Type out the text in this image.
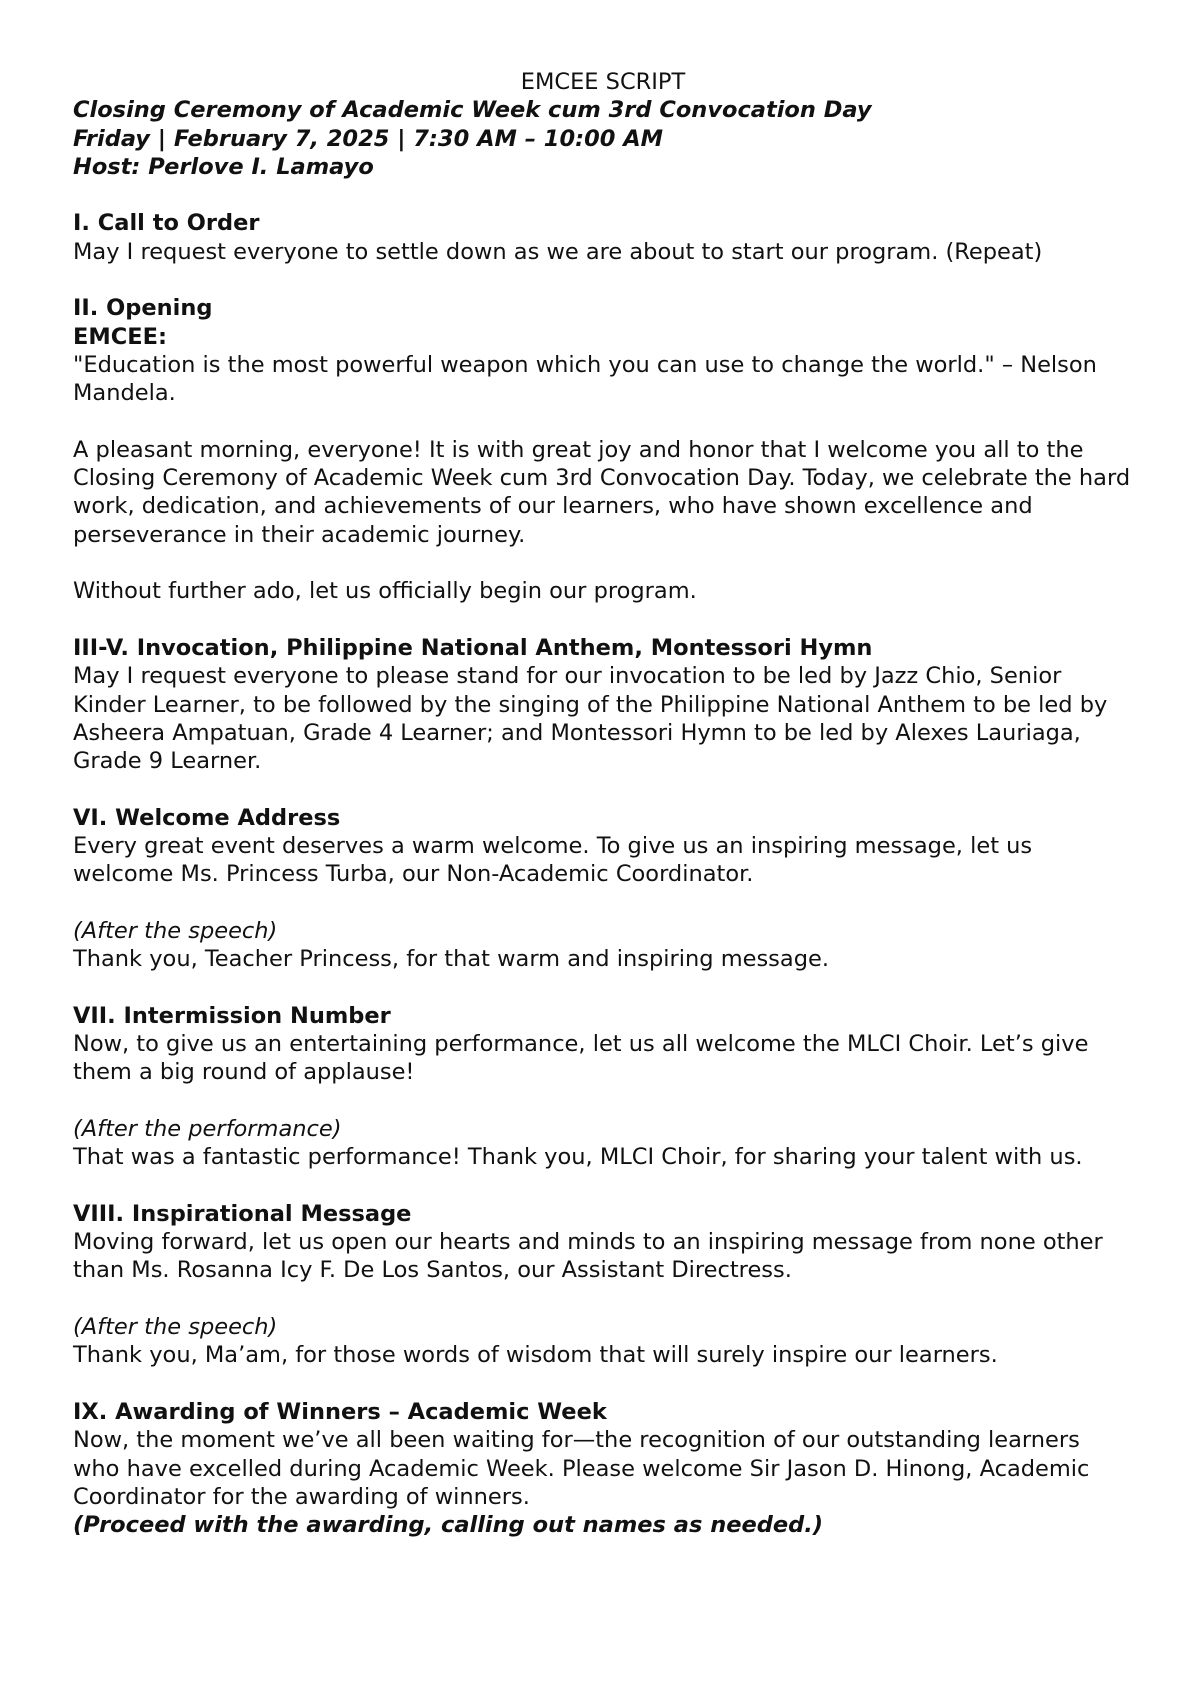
EMCEE SCRIPT

Closing Ceremony of Academic Week cum 3rd Convocation Day

Friday | February 7, 2025 | 7:30 AM – 10:00 AM

Host: Perlove I. Lamayo

I. Call to Order

May I request everyone to settle down as we are about to start our program. (Repeat)

II. Opening

EMCEE:

"Education is the most powerful weapon which you can use to change the world." – Nelson Mandela.

A pleasant morning, everyone! It is with great joy and honor that I welcome you all to the Closing Ceremony of Academic Week cum 3rd Convocation Day. Today, we celebrate the hard work, dedication, and achievements of our learners, who have shown excellence and perseverance in their academic journey.

Without further ado, let us officially begin our program.

III-V. Invocation, Philippine National Anthem, Montessori Hymn

May I request everyone to please stand for our invocation to be led by Jazz Chio, Senior Kinder Learner, to be followed by the singing of the Philippine National Anthem to be led by Asheera Ampatuan, Grade 4 Learner; and Montessori Hymn to be led by Alexes Lauriaga, Grade 9 Learner.

VI. Welcome Address

Every great event deserves a warm welcome. To give us an inspiring message, let us welcome Ms. Princess Turba, our Non-Academic Coordinator.

(After the speech)

Thank you, Teacher Princess, for that warm and inspiring message.

VII. Intermission Number

Now, to give us an entertaining performance, let us all welcome the MLCI Choir. Let’s give them a big round of applause!

(After the performance)

That was a fantastic performance! Thank you, MLCI Choir, for sharing your talent with us.

VIII. Inspirational Message

Moving forward, let us open our hearts and minds to an inspiring message from none other than Ms. Rosanna Icy F. De Los Santos, our Assistant Directress.

(After the speech)

Thank you, Ma’am, for those words of wisdom that will surely inspire our learners.

IX. Awarding of Winners – Academic Week

Now, the moment we’ve all been waiting for—the recognition of our outstanding learners who have excelled during Academic Week. Please welcome Sir Jason D. Hinong, Academic Coordinator for the awarding of winners.

(Proceed with the awarding, calling out names as needed.)
